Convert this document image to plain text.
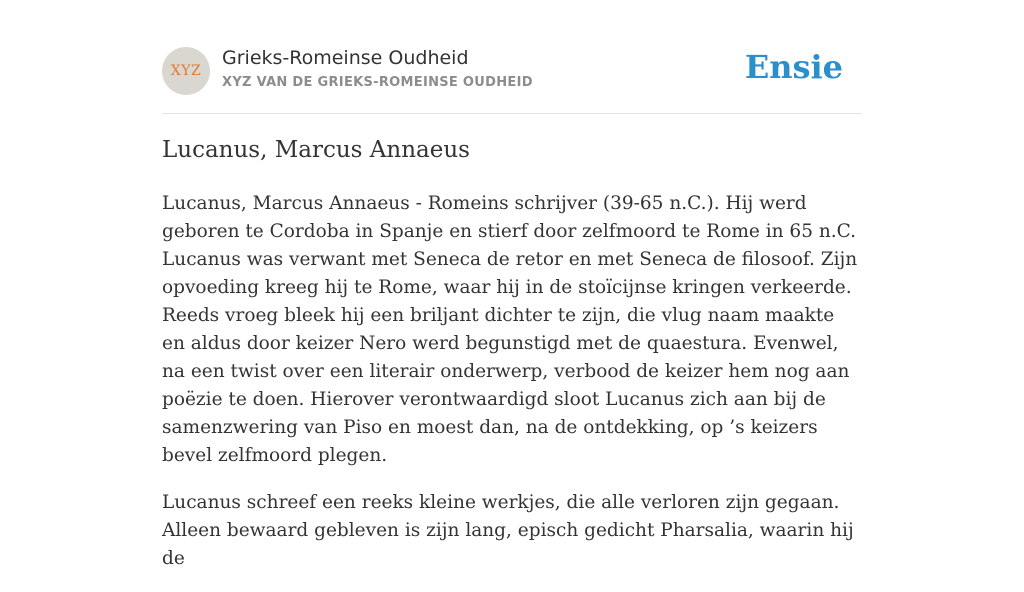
XYZ
Grieks-Romeinse Oudheid
XYZ VAN DE GRIEKS-ROMEINSE OUDHEID	Ensie
Lucanus, Marcus Annaeus

Lucanus, Marcus Annaeus - Romeins schrijver (39-65 n.C.). Hij werd geboren te Cordoba in Spanje en stierf door zelfmoord te Rome in 65 n.C. Lucanus was verwant met Seneca de retor en met Seneca de filosoof. Zijn opvoeding kreeg hij te Rome, waar hij in de stoïcijnse kringen verkeerde. Reeds vroeg bleek hij een briljant dichter te zijn, die vlug naam maakte en aldus door keizer Nero werd begunstigd met de quaestura. Evenwel, na een twist over een literair onderwerp, verbood de keizer hem nog aan poëzie te doen. Hierover verontwaardigd sloot Lucanus zich aan bij de samenzwering van Piso en moest dan, na de ontdekking, op ’s keizers bevel zelfmoord plegen.

Lucanus schreef een reeks kleine werkjes, die alle verloren zijn gegaan. Alleen bewaard gebleven is zijn lang, episch gedicht Pharsalia, waarin hij de
